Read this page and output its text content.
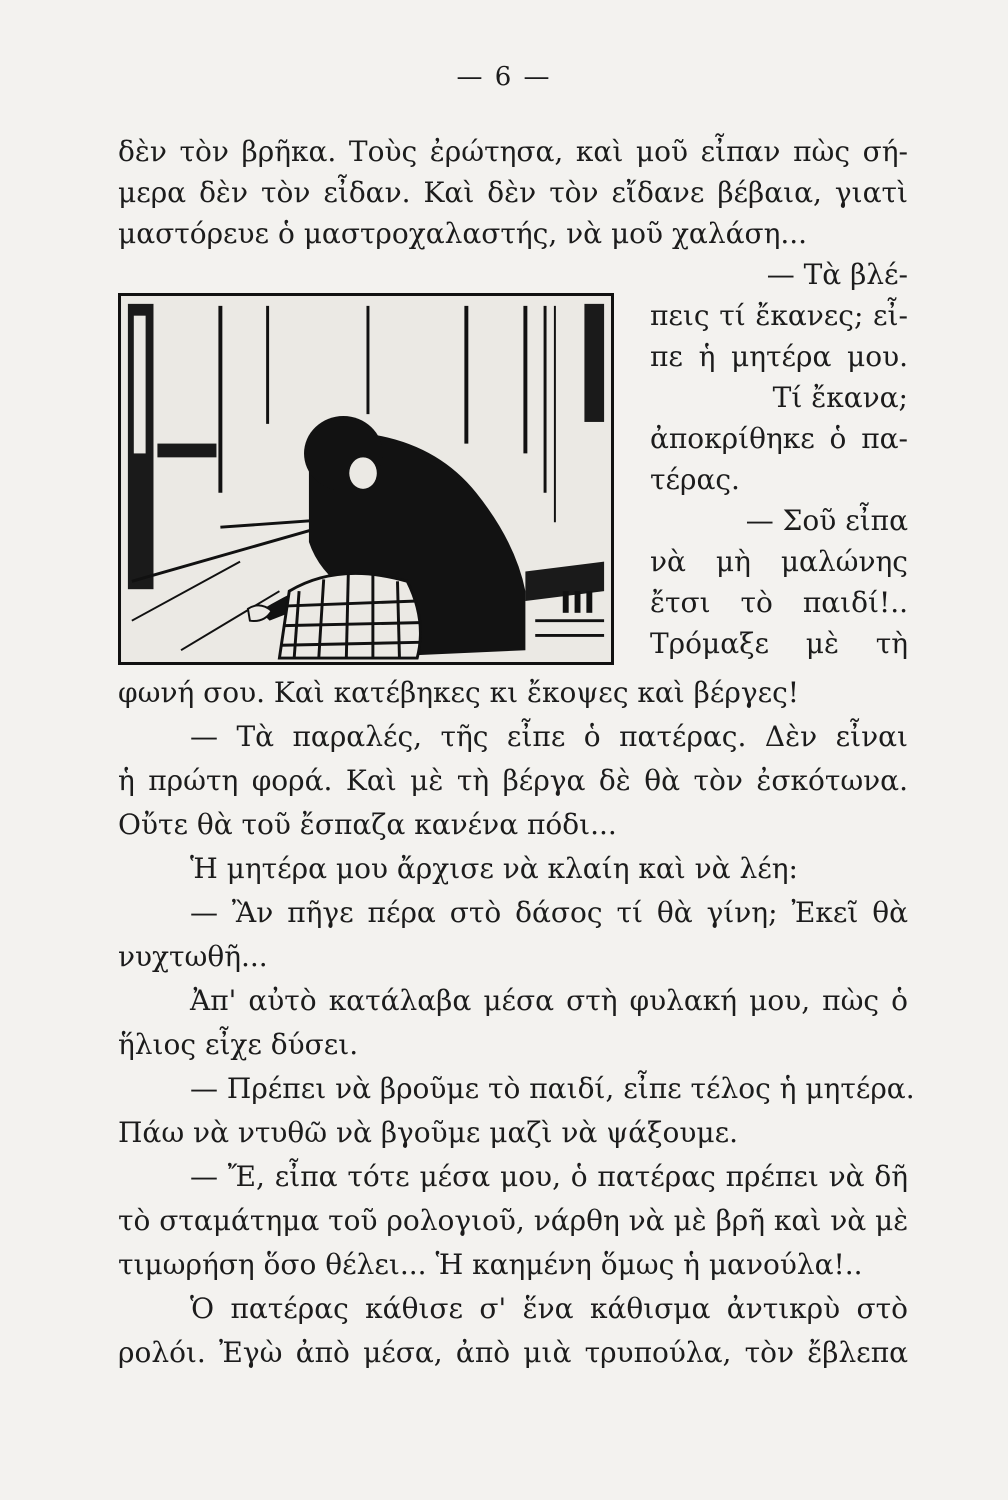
— 6 —
δὲν τὸν βρῆκα. Τοὺς ἐρώτησα, καὶ μοῦ εἶπαν πὼς σή-
μερα δὲν τὸν εἶδαν. Καὶ δὲν τὸν εἴδανε βέβαια, γιατὶ
μαστόρευε ὁ μαστροχαλαστής, νὰ μοῦ χαλάση...
— Τὰ βλέ-
πεις τί ἔκανες; εἶ-
πε ἡ μητέρα μου.
Τί ἔκανα;
ἀποκρίθηκε ὁ πα-
τέρας.
— Σοῦ εἶπα
νὰ μὴ μαλώνης
ἔτσι τὸ παιδί!..
Τρόμαξε μὲ τὴ
φωνή σου. Καὶ κατέβηκες κι ἔκοψες καὶ βέργες!
— Τὰ παραλές, τῆς εἶπε ὁ πατέρας. Δὲν εἶναι
ἡ πρώτη φορά. Καὶ μὲ τὴ βέργα δὲ θὰ τὸν ἐσκότωνα.
Οὔτε θὰ τοῦ ἔσπαζα κανένα πόδι...
Ἡ μητέρα μου ἄρχισε νὰ κλαίη καὶ νὰ λέη:
— Ἂν πῆγε πέρα στὸ δάσος τί θὰ γίνη; Ἐκεῖ θὰ
νυχτωθῆ...
Ἀπ' αὐτὸ κατάλαβα μέσα στὴ φυλακή μου, πὼς ὁ
ἥλιος εἶχε δύσει.
— Πρέπει νὰ βροῦμε τὸ παιδί, εἶπε τέλος ἡ μητέρα.
Πάω νὰ ντυθῶ νὰ βγοῦμε μαζὶ νὰ ψάξουμε.
— Ἔ, εἶπα τότε μέσα μου, ὁ πατέρας πρέπει νὰ δῆ
τὸ σταμάτημα τοῦ ρολογιοῦ, νάρθη νὰ μὲ βρῆ καὶ νὰ μὲ
τιμωρήση ὅσο θέλει... Ἡ καημένη ὅμως ἡ μανούλα!..
Ὁ πατέρας κάθισε σ' ἕνα κάθισμα ἀντικρὺ στὸ
ρολόι. Ἐγὼ ἀπὸ μέσα, ἀπὸ μιὰ τρυπούλα, τὸν ἔβλεπα
